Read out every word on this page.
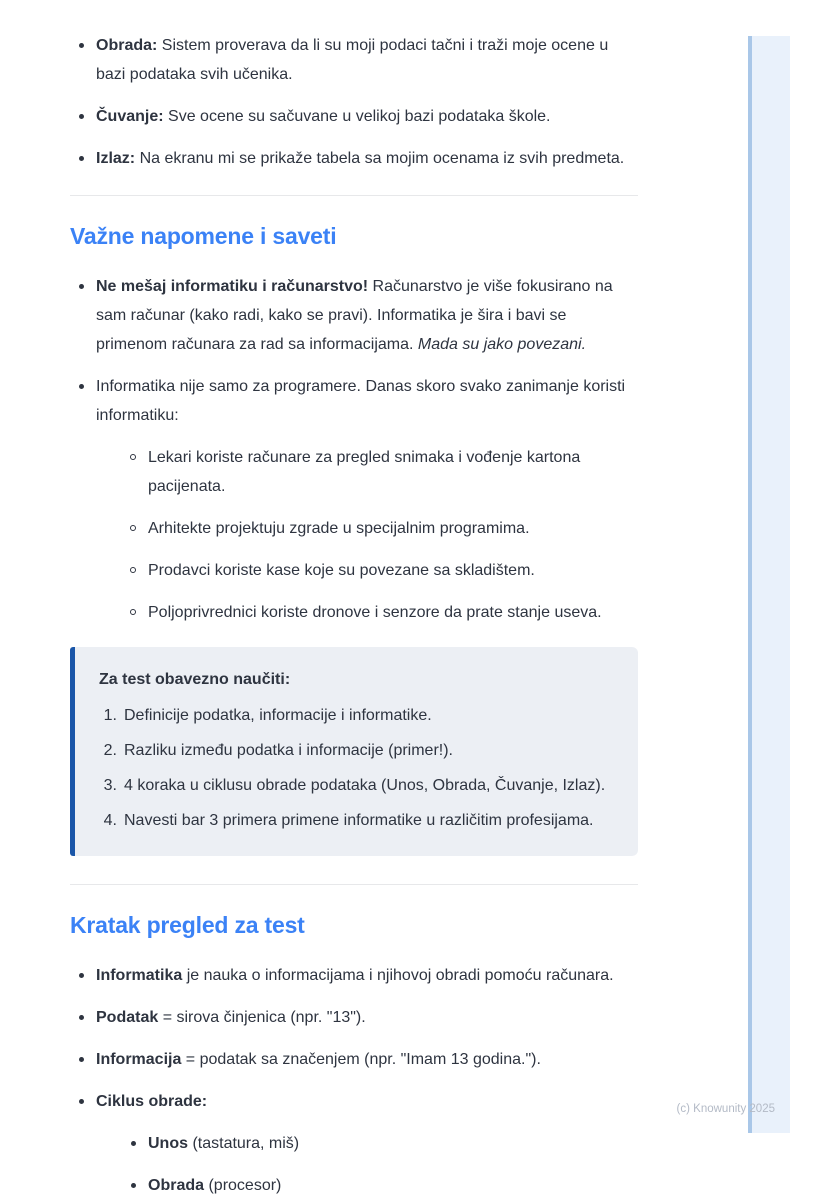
Obrada: Sistem proverava da li su moji podaci tačni i traži moje ocene u bazi podataka svih učenika.
Čuvanje: Sve ocene su sačuvane u velikoj bazi podataka škole.
Izlaz: Na ekranu mi se prikaže tabela sa mojim ocenama iz svih predmeta.
Važne napomene i saveti
Ne mešaj informatiku i računarstvo! Računarstvo je više fokusirano na sam računar (kako radi, kako se pravi). Informatika je šira i bavi se primenom računara za rad sa informacijama. Mada su jako povezani.
Informatika nije samo za programere. Danas skoro svako zanimanje koristi informatiku:
Lekari koriste računare za pregled snimaka i vođenje kartona pacijenata.
Arhitekte projektuju zgrade u specijalnim programima.
Prodavci koriste kase koje su povezane sa skladištem.
Poljoprivrednici koriste dronove i senzore da prate stanje useva.
Za test obavezno naučiti:
1. Definicije podatka, informacije i informatike.
2. Razliku između podatka i informacije (primer!).
3. 4 koraka u ciklusu obrade podataka (Unos, Obrada, Čuvanje, Izlaz).
4. Navesti bar 3 primera primene informatike u različitim profesijama.
Kratak pregled za test
Informatika je nauka o informacijama i njihovoj obradi pomoću računara.
Podatak = sirova činjenica (npr. "13").
Informacija = podatak sa značenjem (npr. "Imam 13 godina.").
Ciklus obrade:
Unos (tastatura, miš)
Obrada (procesor)
(c) Knowunity 2025
